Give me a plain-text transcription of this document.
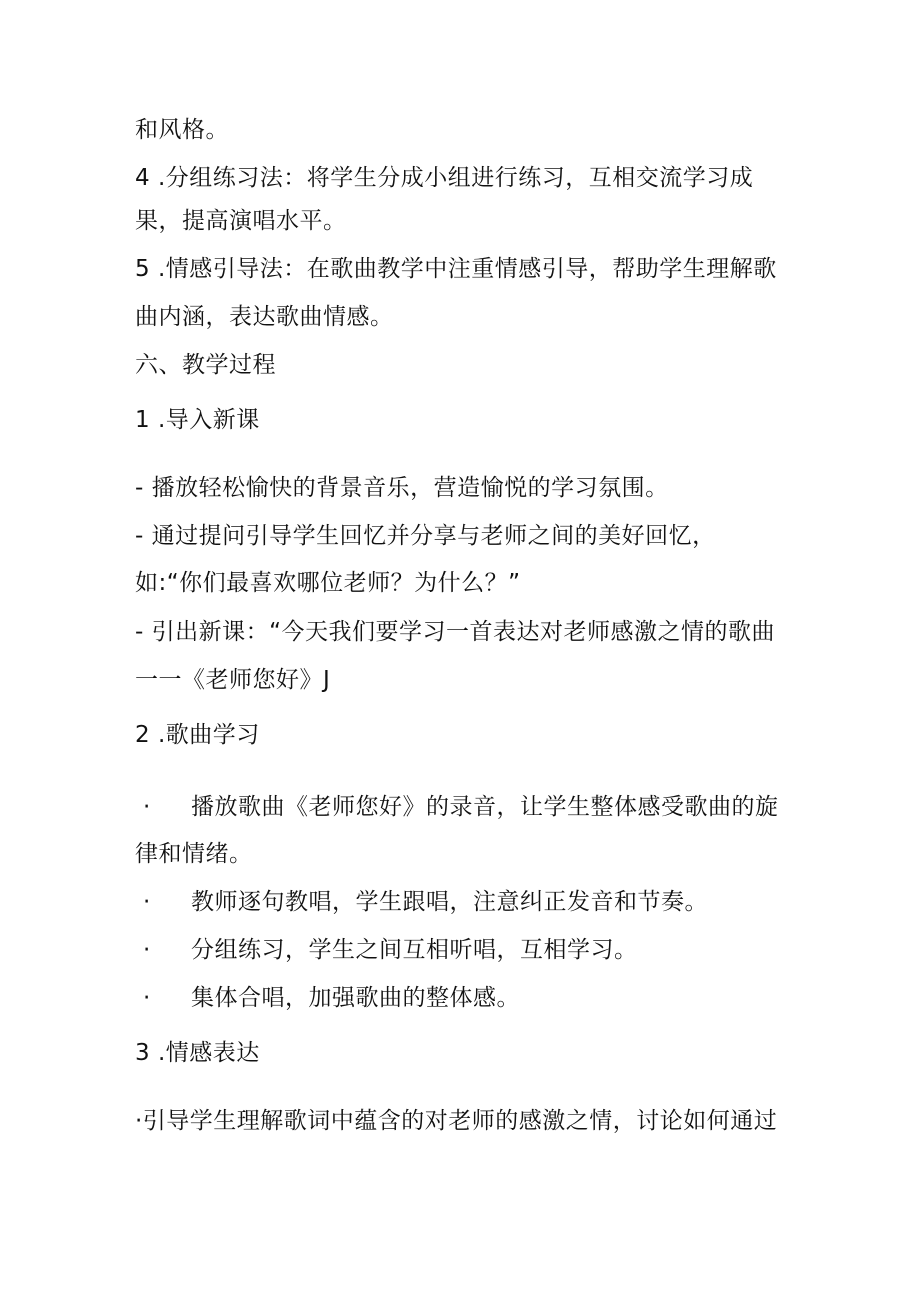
和风格。
4 .分组练习法：将学生分成小组进行练习，互相交流学习成
果，提高演唱水平。
5 .情感引导法：在歌曲教学中注重情感引导，帮助学生理解歌
曲内涵，表达歌曲情感。
六、教学过程
1 .导入新课
- 播放轻松愉快的背景音乐，营造愉悦的学习氛围。
- 通过提问引导学生回忆并分享与老师之间的美好回忆，
如:“你们最喜欢哪位老师？为什么？”
- 引出新课：“今天我们要学习一首表达对老师感激之情的歌曲
一一《老师您好》J
2 .歌曲学习
· 播放歌曲《老师您好》的录音，让学生整体感受歌曲的旋
律和情绪。
· 教师逐句教唱，学生跟唱，注意纠正发音和节奏。
· 分组练习，学生之间互相听唱，互相学习。
· 集体合唱，加强歌曲的整体感。
3 .情感表达
·引导学生理解歌词中蕴含的对老师的感激之情，讨论如何通过
